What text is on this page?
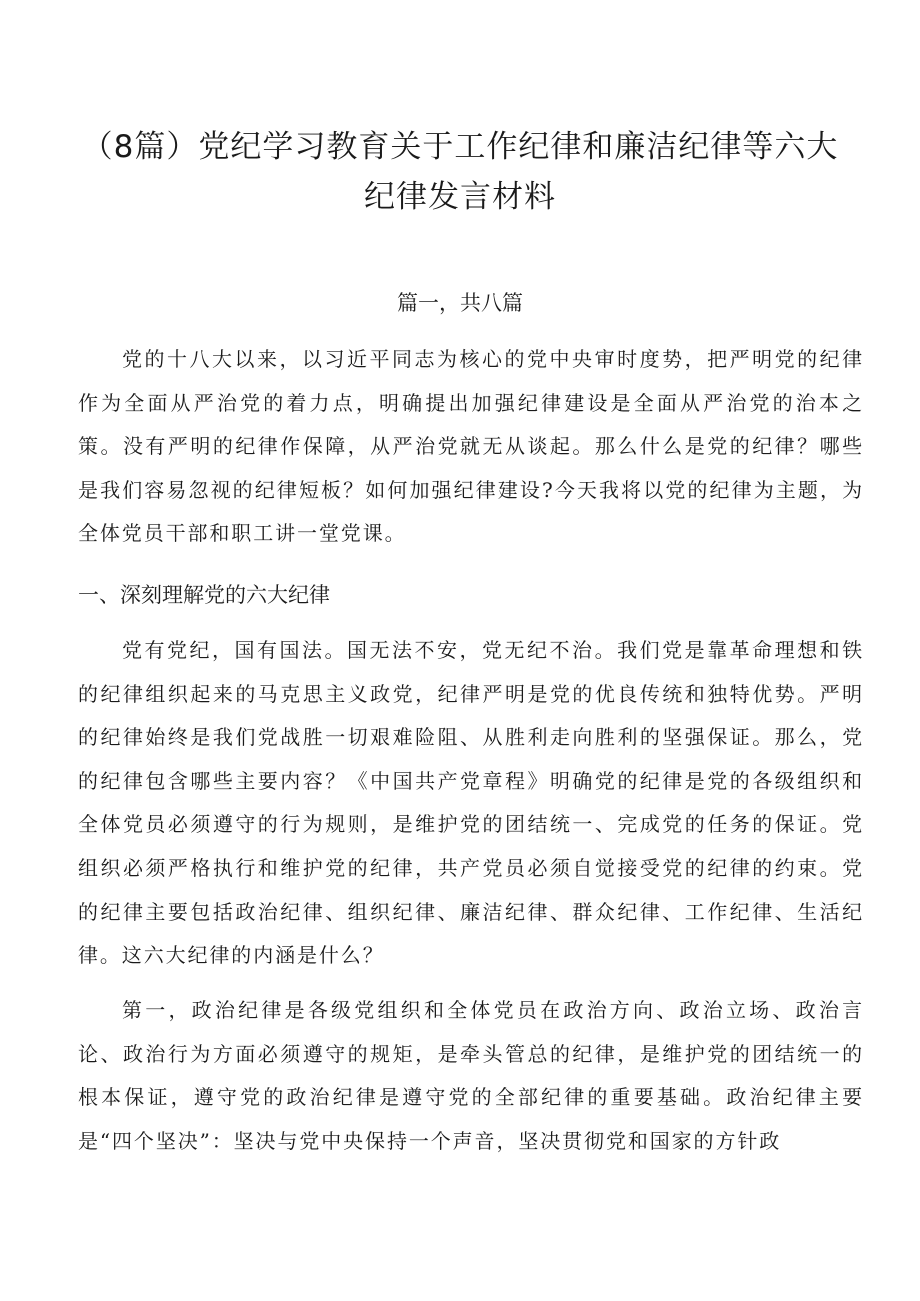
（8篇）党纪学习教育关于工作纪律和廉洁纪律等六大纪律发言材料
篇一，共八篇

党的十八大以来，以习近平同志为核心的党中央审时度势，把严明党的纪律作为全面从严治党的着力点，明确提出加强纪律建设是全面从严治党的治本之策。没有严明的纪律作保障，从严治党就无从谈起。那么什么是党的纪律？哪些是我们容易忽视的纪律短板？如何加强纪律建设?今天我将以党的纪律为主题，为全体党员干部和职工讲一堂党课。

一、深刻理解党的六大纪律

党有党纪，国有国法。国无法不安，党无纪不治。我们党是靠革命理想和铁的纪律组织起来的马克思主义政党，纪律严明是党的优良传统和独特优势。严明的纪律始终是我们党战胜一切艰难险阻、从胜利走向胜利的坚强保证。那么，党的纪律包含哪些主要内容？《中国共产党章程》明确党的纪律是党的各级组织和全体党员必须遵守的行为规则，是维护党的团结统一、完成党的任务的保证。党组织必须严格执行和维护党的纪律，共产党员必须自觉接受党的纪律的约束。党的纪律主要包括政治纪律、组织纪律、廉洁纪律、群众纪律、工作纪律、生活纪律。这六大纪律的内涵是什么？

第一，政治纪律是各级党组织和全体党员在政治方向、政治立场、政治言论、政治行为方面必须遵守的规矩，是牵头管总的纪律，是维护党的团结统一的根本保证，遵守党的政治纪律是遵守党的全部纪律的重要基础。政治纪律主要是“四个坚决”：坚决与党中央保持一个声音，坚决贯彻党和国家的方针政
